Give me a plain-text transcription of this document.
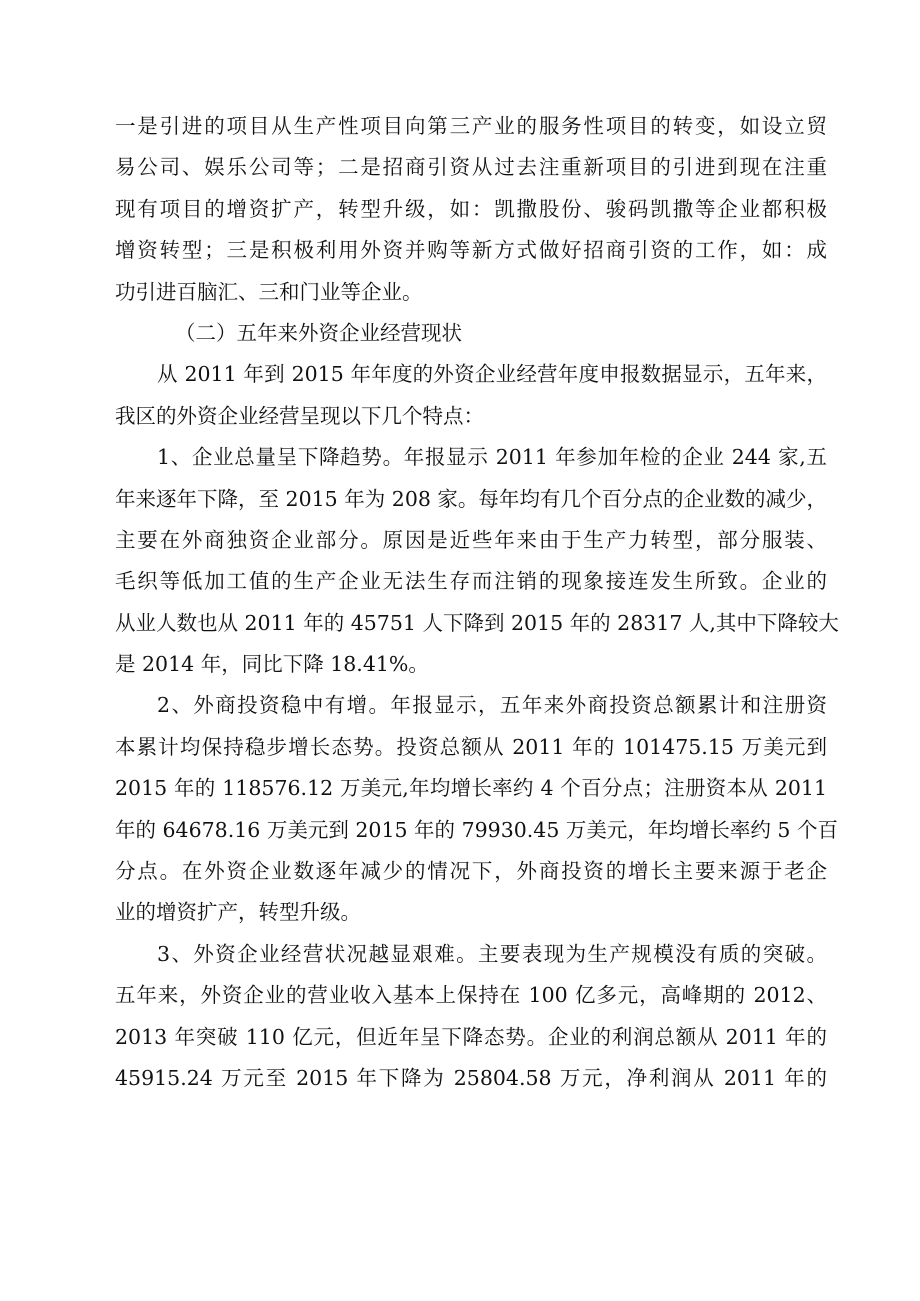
一是引进的项目从生产性项目向第三产业的服务性项目的转变，如设立贸
易公司、娱乐公司等；二是招商引资从过去注重新项目的引进到现在注重
现有项目的增资扩产，转型升级，如：凯撒股份、骏码凯撒等企业都积极
增资转型；三是积极利用外资并购等新方式做好招商引资的工作，如：成
功引进百脑汇、三和门业等企业。
（二）五年来外资企业经营现状
从 2011 年到 2015 年年度的外资企业经营年度申报数据显示，五年来，
我区的外资企业经营呈现以下几个特点：
1、企业总量呈下降趋势。年报显示 2011 年参加年检的企业 244 家,五
年来逐年下降，至 2015 年为 208 家。每年均有几个百分点的企业数的减少，
主要在外商独资企业部分。原因是近些年来由于生产力转型，部分服装、
毛织等低加工值的生产企业无法生存而注销的现象接连发生所致。企业的
从业人数也从 2011 年的 45751 人下降到 2015 年的 28317 人,其中下降较大
是 2014 年，同比下降 18.41%。
2、外商投资稳中有增。年报显示，五年来外商投资总额累计和注册资
本累计均保持稳步增长态势。投资总额从 2011 年的 101475.15 万美元到
2015 年的 118576.12 万美元,年均增长率约 4 个百分点；注册资本从 2011
年的 64678.16 万美元到 2015 年的 79930.45 万美元，年均增长率约 5 个百
分点。在外资企业数逐年减少的情况下，外商投资的增长主要来源于老企
业的增资扩产，转型升级。
3、外资企业经营状况越显艰难。主要表现为生产规模没有质的突破。
五年来，外资企业的营业收入基本上保持在 100 亿多元，高峰期的 2012、
2013 年突破 110 亿元，但近年呈下降态势。企业的利润总额从 2011 年的
45915.24 万元至 2015 年下降为 25804.58 万元，净利润从 2011 年的
